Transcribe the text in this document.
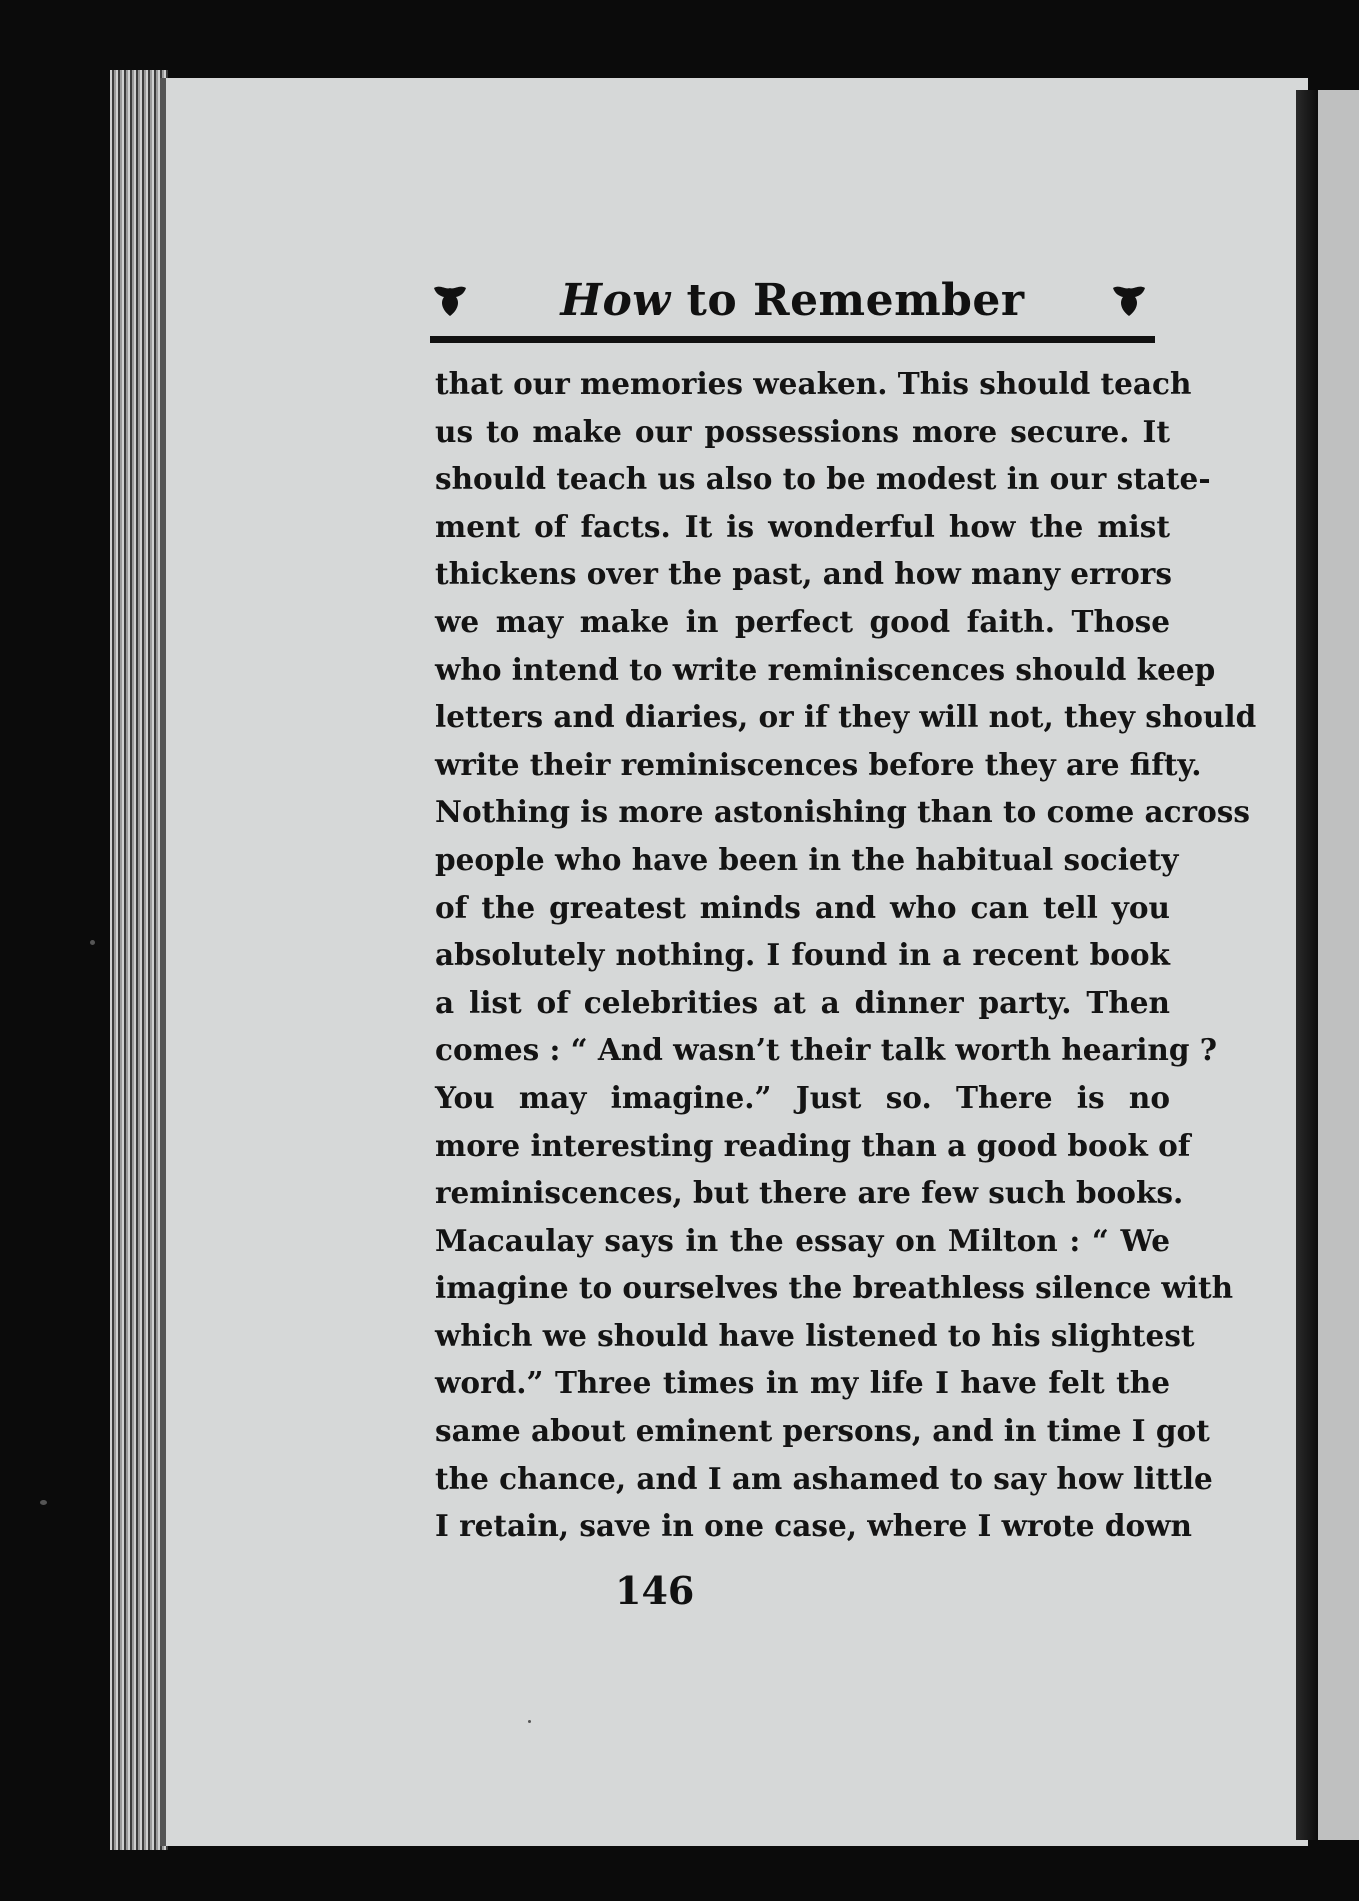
How to Remember
that our memories weaken. This should teach
us to make our possessions more secure. It
should teach us also to be modest in our state-
ment of facts. It is wonderful how the mist
thickens over the past, and how many errors
we may make in perfect good faith. Those
who intend to write reminiscences should keep
letters and diaries, or if they will not, they should
write their reminiscences before they are fifty.
Nothing is more astonishing than to come across
people who have been in the habitual society
of the greatest minds and who can tell you
absolutely nothing. I found in a recent book
a list of celebrities at a dinner party. Then
comes : “ And wasn’t their talk worth hearing ?
You may imagine.” Just so. There is no
more interesting reading than a good book of
reminiscences, but there are few such books.
Macaulay says in the essay on Milton : “ We
imagine to ourselves the breathless silence with
which we should have listened to his slightest
word.” Three times in my life I have felt the
same about eminent persons, and in time I got
the chance, and I am ashamed to say how little
I retain, save in one case, where I wrote down
146
